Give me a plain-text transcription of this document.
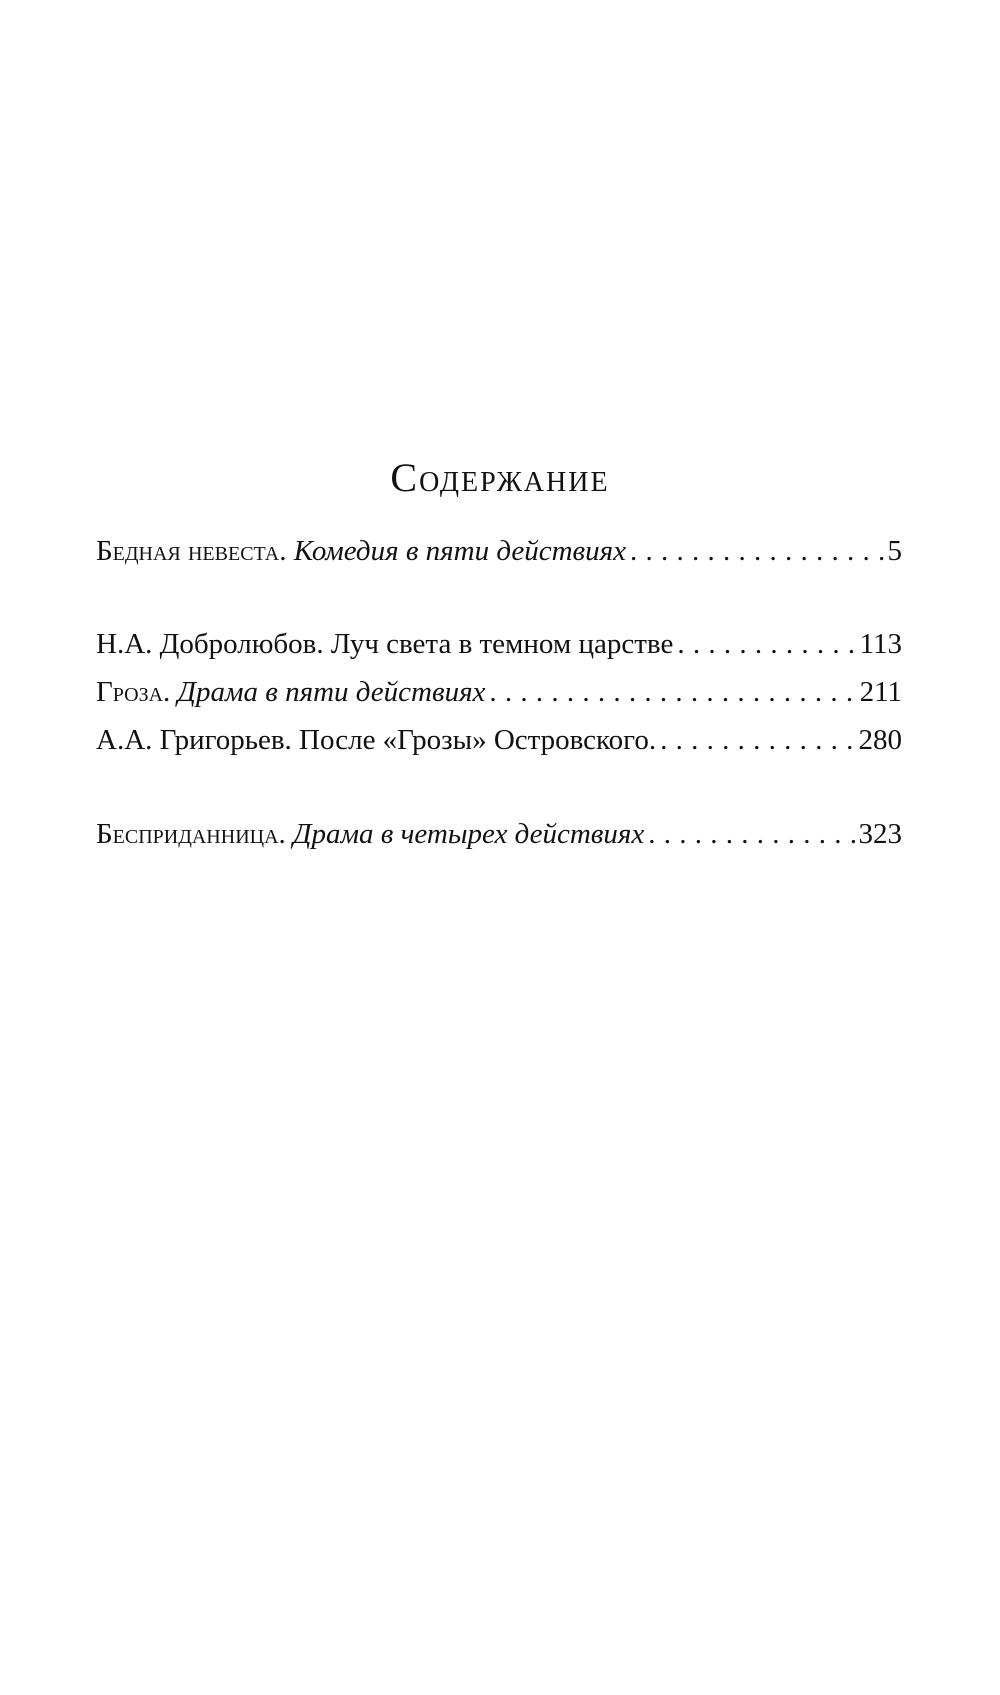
Содержание
Бедная невеста. Комедия в пяти действиях . . .	5
Н.А. Добролюбов. Луч света в темном царстве . . .	113
Гроза. Драма в пяти действиях . . .	211
А.А. Григорьев. После «Грозы» Островского. . . .	280
Бесприданница. Драма в четырех действиях . . .	323
